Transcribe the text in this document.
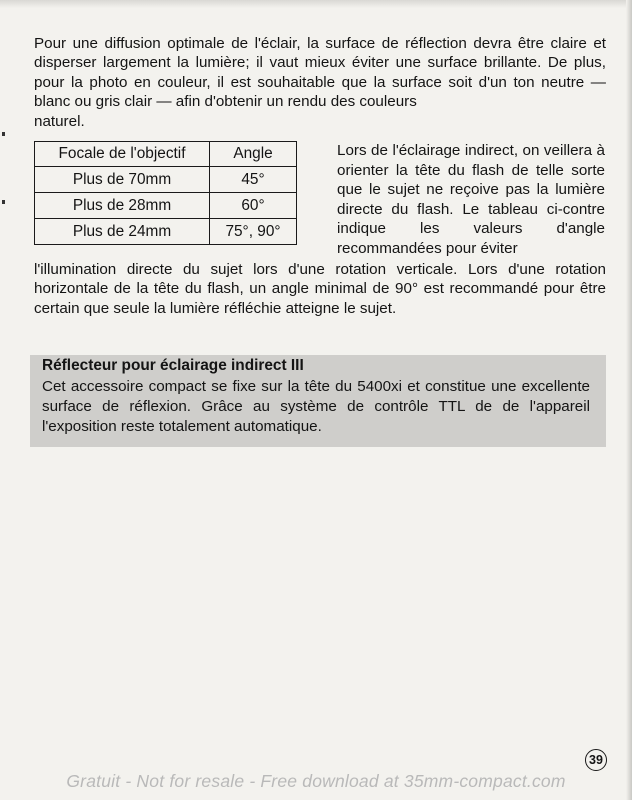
Pour une diffusion optimale de l'éclair, la surface de réflection devra être claire et disperser largement la lumière; il vaut mieux éviter une surface brillante. De plus, pour la photo en couleur, il est souhaitable que la surface soit d'un ton neutre — blanc ou gris clair — afin d'obtenir un rendu des couleurs

naturel.

Focale de l'objectif	Angle
Plus de 70mm	45°
Plus de 28mm	60°
Plus de 24mm	75°, 90°

Lors de l'éclairage indirect, on veillera à orienter la tête du flash de telle sorte que le sujet ne reçoive pas la lumière directe du flash. Le tableau ci-contre indique les valeurs d'angle recommandées pour éviter

l'illumination directe du sujet lors d'une rotation verticale. Lors d'une rotation horizontale de la tête du flash, un angle minimal de 90° est recommandé pour être certain que seule la lumière réfléchie atteigne le sujet.

Réflecteur pour éclairage indirect III

Cet accessoire compact se fixe sur la tête du 5400xi et constitue une excellente surface de réflexion. Grâce au système de contrôle TTL de de l'appareil l'exposition reste totalement automatique.

39
Gratuit - Not for resale - Free download at 35mm-compact.com
